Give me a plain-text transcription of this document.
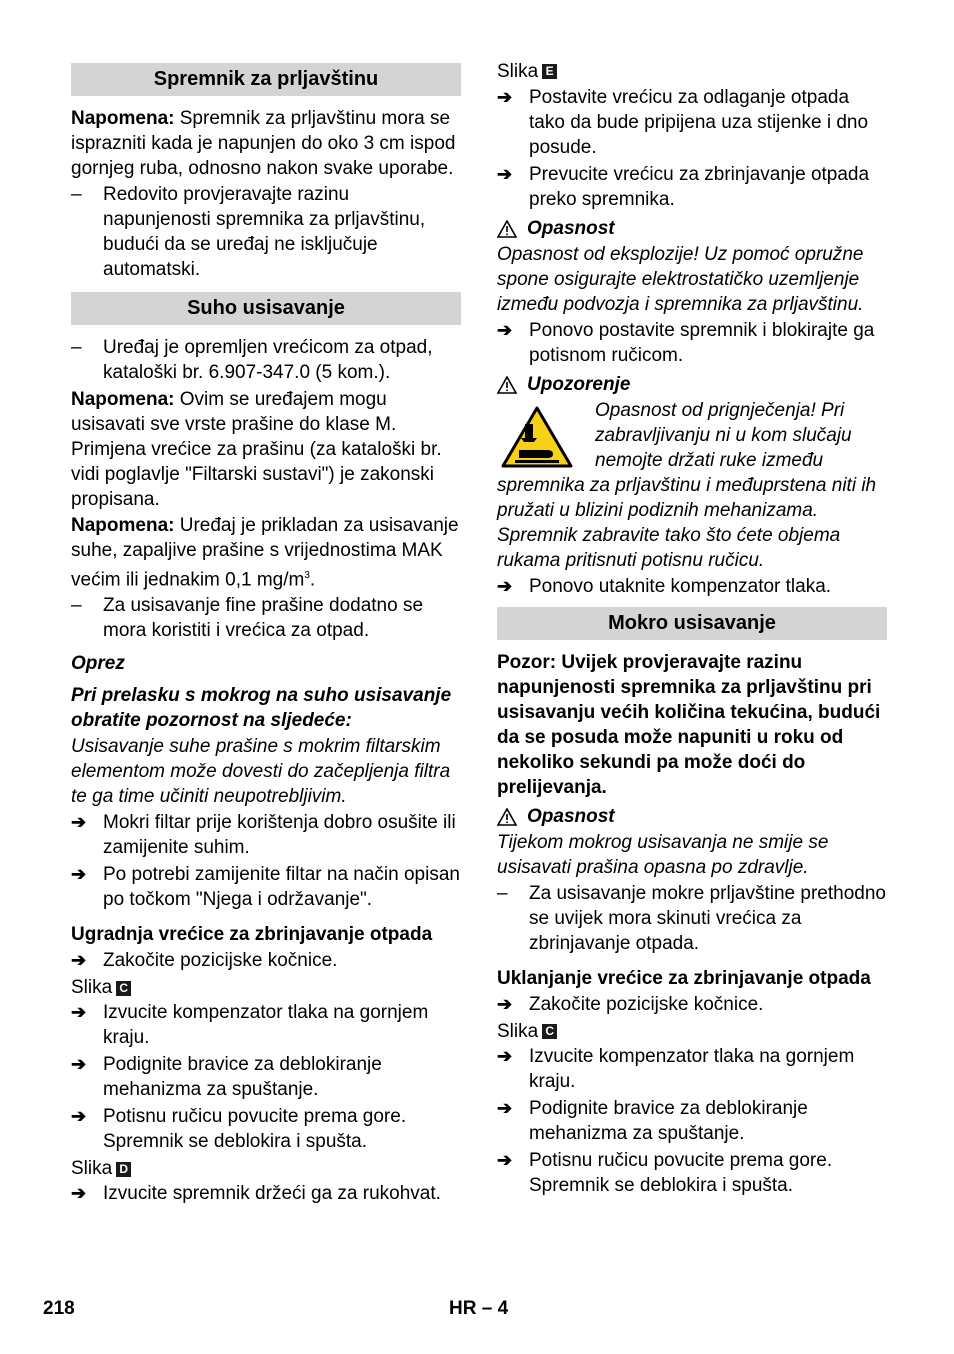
Spremnik za prljavštinu

Napomena: Spremnik za prljavštinu mora se isprazniti kada je napunjen do oko 3 cm ispod gornjeg ruba, odnosno nakon svake uporabe.

–	Redovito provjeravajte razinu napunjenosti spremnika za prljavštinu, budući da se uređaj ne isključuje automatski.
Suho usisavanje
–	Uređaj je opremljen vrećicom za otpad, kataloški br. 6.907-347.0 (5 kom.).

Napomena: Ovim se uređajem mogu usisavati sve vrste prašine do klase M. Primjena vrećice za prašinu (za kataloški br. vidi poglavlje "Filtarski sustavi") je zakonski propisana.

Napomena: Uređaj je prikladan za usisavanje suhe, zapaljive prašine s vrijednostima MAK većim ili jednakim 0,1 $mg/m^3$.

–	Za usisavanje fine prašine dodatno se mora koristiti i vrećica za otpad.

Oprez

Pri prelasku s mokrog na suho usisavanje obratite pozornost na sljedeće:

Usisavanje suhe prašine s mokrim filtarskim elementom može dovesti do začepljenja filtra te ga time učiniti neupotrebljivim.

➔ Mokri filtar prije korištenja dobro osušite ili zamijenite suhim.
➔ Po potrebi zamijenite filtar na način opisan po točkom "Njega i održavanje".

Ugradnja vrećice za zbrinjavanje otpada

➔ Zakočite pozicijske kočnice.

Slika C

➔ Izvucite kompenzator tlaka na gornjem kraju.
➔ Podignite bravice za deblokiranje mehanizma za spuštanje.
➔ Potisnu ručicu povucite prema gore. Spremnik se deblokira i spušta.

Slika D

➔ Izvucite spremnik držeći ga za rukohvat.

Slika E

➔ Postavite vrećicu za odlaganje otpada tako da bude pripijena uza stijenke i dno posude.
➔ Prevucite vrećicu za zbrinjavanje otpada preko spremnika.
Opasnost

Opasnost od eksplozije! Uz pomoć opružne spone osigurajte elektrostatičko uzemljenje između podvozja i spremnika za prljavštinu.

➔ Ponovo postavite spremnik i blokirajte ga potisnom ručicom.
Upozorenje

Opasnost od prignječenja! Pri zabravljivanju ni u kom slučaju nemojte držati ruke između spremnika za prljavštinu i međuprstena niti ih pružati u blizini podiznih mehanizama. Spremnik zabravite tako što ćete objema rukama pritisnuti potisnu ručicu.

➔ Ponovo utaknite kompenzator tlaka.
Mokro usisavanje

Pozor: Uvijek provjeravajte razinu napunjenosti spremnika za prljavštinu pri usisavanju većih količina tekućina, budući da se posuda može napuniti u roku od nekoliko sekundi pa može doći do prelijevanja.

Opasnost

Tijekom mokrog usisavanja ne smije se usisavati prašina opasna po zdravlje.

–	Za usisavanje mokre prljavštine prethodno se uvijek mora skinuti vrećica za zbrinjavanje otpada.

Uklanjanje vrećice za zbrinjavanje otpada

➔ Zakočite pozicijske kočnice.

Slika C

➔ Izvucite kompenzator tlaka na gornjem kraju.
➔ Podignite bravice za deblokiranje mehanizma za spuštanje.
➔ Potisnu ručicu povucite prema gore. Spremnik se deblokira i spušta.
218	HR – 4
